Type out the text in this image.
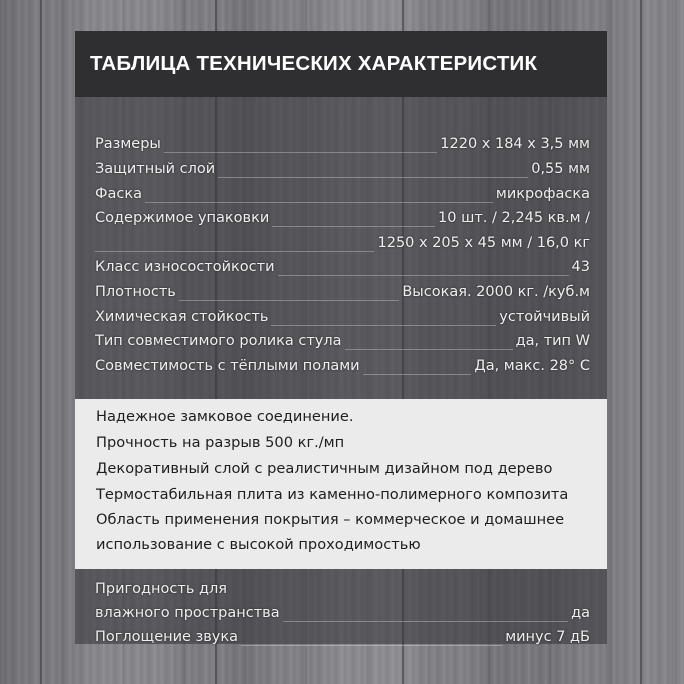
ТАБЛИЦА ТЕХНИЧЕСКИХ ХАРАКТЕРИСТИК
Размеры	1220 x 184 x 3,5 мм
Защитный слой	0,55 мм
Фаска	микрофаска
Содержимое упаковки	10 шт. / 2,245 кв.м /
1250 x 205 x 45 мм / 16,0 кг
Класс износостойкости	43
Плотность	Высокая. 2000 кг. /куб.м
Химическая стойкость	устойчивый
Тип совместимого ролика стула	да, тип W
Совместимость с тёплыми полами	Да, макс. 28° C
Надежное замковое соединение.
Прочность на разрыв 500 кг./мп
Декоративный слой с реалистичным дизайном под дерево
Термостабильная плита из каменно-полимерного композита
Область применения покрытия – коммерческое и домашнее
использование с высокой проходимостью
Пригодность для
влажного пространства	да
Поглощение звука	минус 7 дБ
